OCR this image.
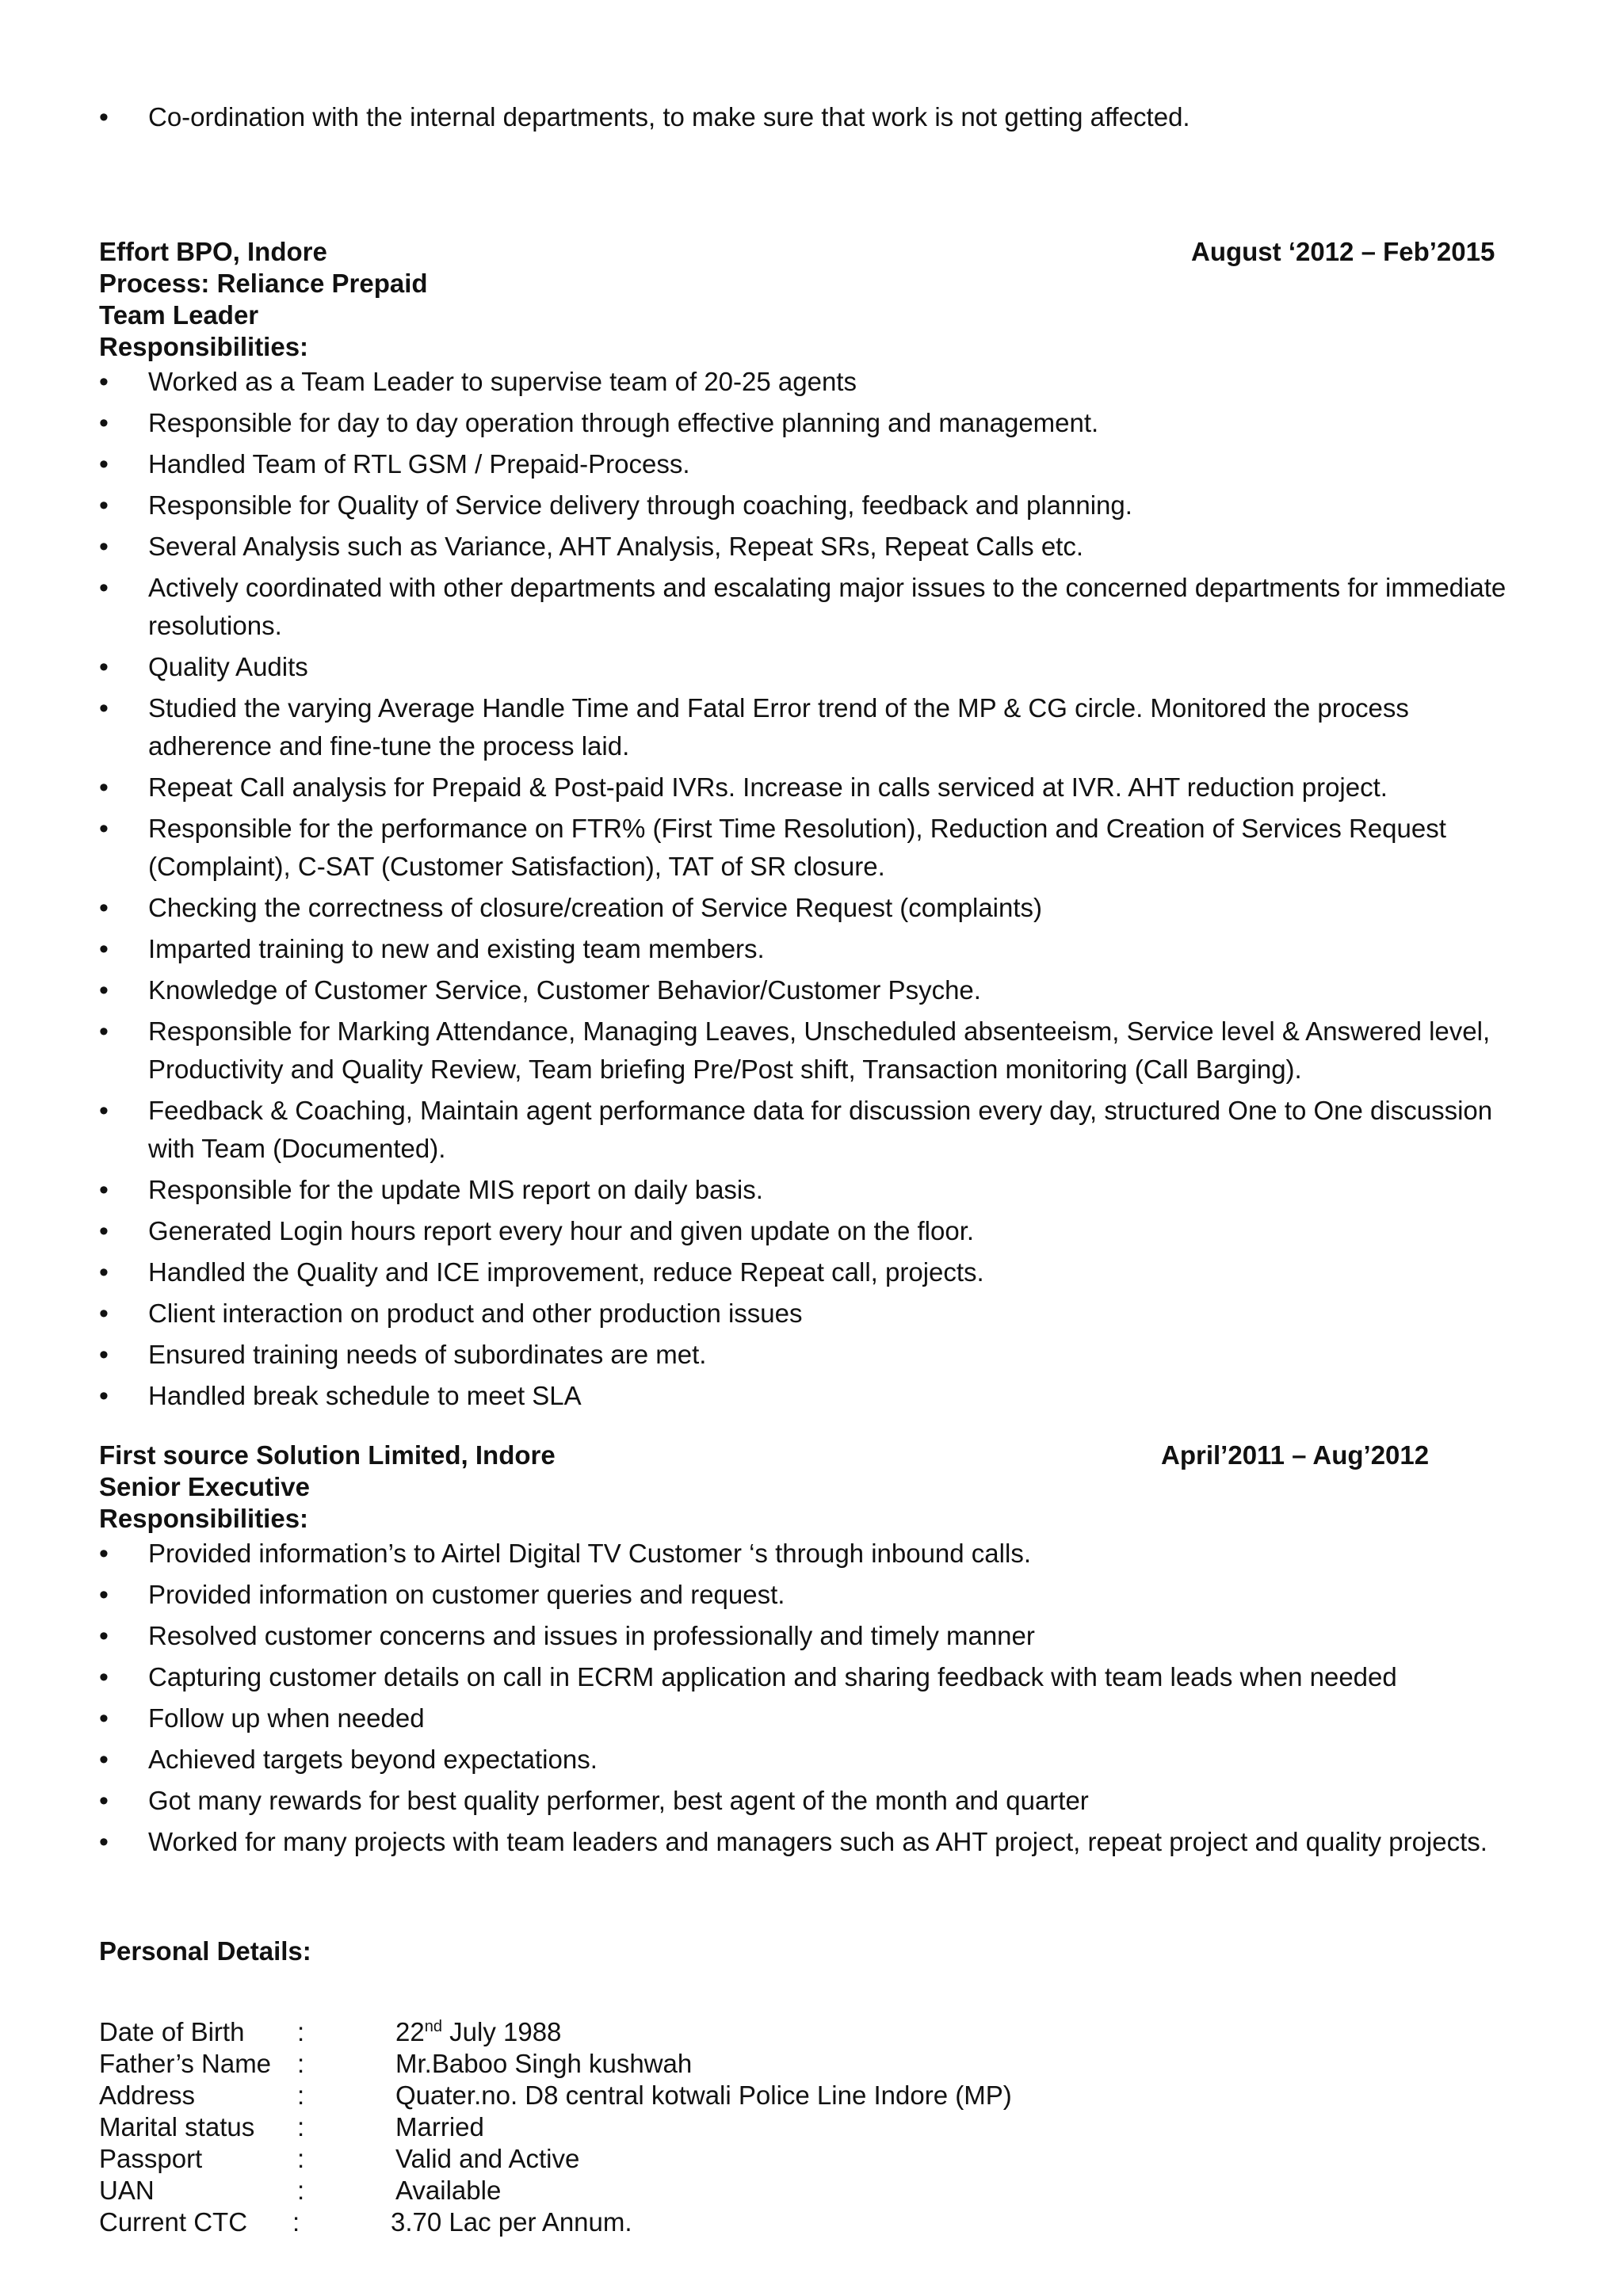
• Co-ordination with the internal departments, to make sure that work is not getting affected.
Effort BPO, Indore	August ‘2012 – Feb’2015
Process: Reliance Prepaid
Team Leader
Responsibilities:
• Worked as a Team Leader to supervise team of 20-25 agents
• Responsible for day to day operation through effective planning and management.
• Handled Team of RTL GSM / Prepaid-Process.
• Responsible for Quality of Service delivery through coaching, feedback and planning.
• Several Analysis such as Variance, AHT Analysis, Repeat SRs, Repeat Calls etc.
• Actively coordinated with other departments and escalating major issues to the concerned departments for immediate resolutions.
• Quality Audits
• Studied the varying Average Handle Time and Fatal Error trend of the MP & CG circle. Monitored the process adherence and fine-tune the process laid.
• Repeat Call analysis for Prepaid & Post-paid IVRs. Increase in calls serviced at IVR. AHT reduction project.
• Responsible for the performance on FTR% (First Time Resolution), Reduction and Creation of Services Request (Complaint), C-SAT (Customer Satisfaction), TAT of SR closure.
• Checking the correctness of closure/creation of Service Request (complaints)
• Imparted training to new and existing team members.
• Knowledge of Customer Service, Customer Behavior/Customer Psyche.
• Responsible for Marking Attendance, Managing Leaves, Unscheduled absenteeism, Service level & Answered level, Productivity and Quality Review, Team briefing Pre/Post shift, Transaction monitoring (Call Barging).
• Feedback & Coaching, Maintain agent performance data for discussion every day, structured One to One discussion with Team (Documented).
• Responsible for the update MIS report on daily basis.
• Generated Login hours report every hour and given update on the floor.
• Handled the Quality and ICE improvement, reduce Repeat call, projects.
• Client interaction on product and other production issues
• Ensured training needs of subordinates are met.
• Handled break schedule to meet SLA
First source Solution Limited, Indore	April’2011 – Aug’2012
Senior Executive
Responsibilities:
• Provided information’s to Airtel Digital TV Customer ‘s through inbound calls.
• Provided information on customer queries and request.
• Resolved customer concerns and issues in professionally and timely manner
• Capturing customer details on call in ECRM application and sharing feedback with team leads when needed
• Follow up when needed
• Achieved targets beyond expectations.
• Got many rewards for best quality performer, best agent of the month and quarter
• Worked for many projects with team leaders and managers such as AHT project, repeat project and quality projects.
Personal Details:
Date of Birth :	22nd July 1988
Father’s Name :	Mr.Baboo Singh kushwah
Address	:	Quater.no. D8 central kotwali Police Line Indore (MP)
Marital status :	Married
Passport	:	Valid and Active
UAN	:	Available
Current CTC :	3.70 Lac per Annum.
